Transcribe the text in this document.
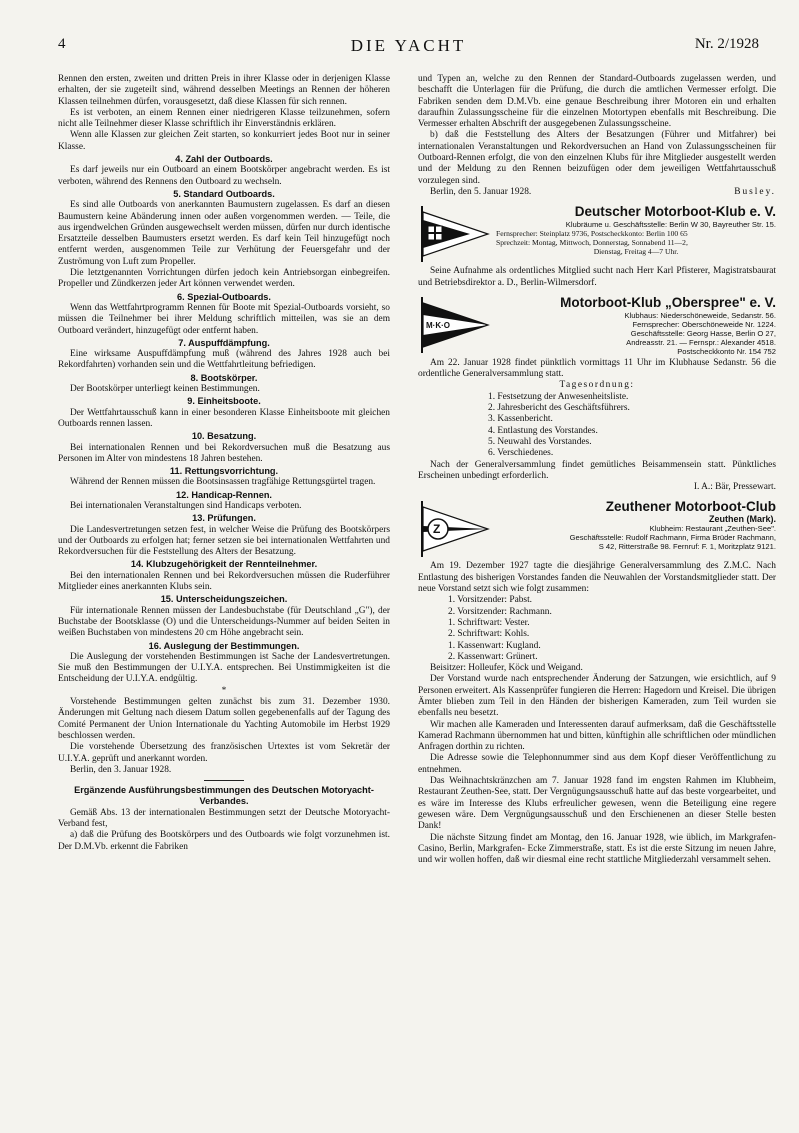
4	DIE YACHT	Nr. 2/1928

Rennen den ersten, zweiten und dritten Preis in ihrer Klasse oder in derjenigen Klasse erhalten, der sie zugeteilt sind, während desselben Meetings an Rennen der höheren Klassen teilnehmen dürfen, vorausgesetzt, daß diese Klassen für sich rennen.

Es ist verboten, an einem Rennen einer niedrigeren Klasse teilzunehmen, sofern nicht alle Teilnehmer dieser Klasse schriftlich ihr Einverständnis erklären.

Wenn alle Klassen zur gleichen Zeit starten, so konkurriert jedes Boot nur in seiner Klasse.

4. Zahl der Outboards.

Es darf jeweils nur ein Outboard an einem Bootskörper angebracht werden. Es ist verboten, während des Rennens den Outboard zu wechseln.

5. Standard Outboards.

Es sind alle Outboards von anerkannten Baumustern zugelassen. Es darf an diesen Baumustern keine Abänderung innen oder außen vorgenommen werden. — Teile, die aus irgendwelchen Gründen ausgewechselt werden müssen, dürfen nur durch identische Ersatzteile desselben Baumusters ersetzt werden. Es darf kein Teil hinzugefügt noch entfernt werden, ausgenommen Teile zur Verhütung der Feuersgefahr und der Zuströmung von Luft zum Propeller.

Die letztgenannten Vorrichtungen dürfen jedoch kein Antriebsorgan einbegreifen. Propeller und Zündkerzen jeder Art können verwendet werden.

6. Spezial-Outboards.

Wenn das Wettfahrtprogramm Rennen für Boote mit Spezial-Outboards vorsieht, so müssen die Teilnehmer bei ihrer Meldung schriftlich mitteilen, was sie an dem Outboard verändert, hinzugefügt oder entfernt haben.

7. Auspuffdämpfung.

Eine wirksame Auspuffdämpfung muß (während des Jahres 1928 auch bei Rekordfahrten) vorhanden sein und die Wettfahrtleitung befriedigen.

8. Bootskörper.

Der Bootskörper unterliegt keinen Bestimmungen.

9. Einheitsboote.

Der Wettfahrtausschuß kann in einer besonderen Klasse Einheitsboote mit gleichen Outboards rennen lassen.

10. Besatzung.

Bei internationalen Rennen und bei Rekordversuchen muß die Besatzung aus Personen im Alter von mindestens 18 Jahren bestehen.

11. Rettungsvorrichtung.

Während der Rennen müssen die Bootsinsassen tragfähige Rettungsgürtel tragen.

12. Handicap-Rennen.

Bei internationalen Veranstaltungen sind Handicaps verboten.

13. Prüfungen.

Die Landesvertretungen setzen fest, in welcher Weise die Prüfung des Bootskörpers und der Outboards zu erfolgen hat; ferner setzen sie bei internationalen Wettfahrten und Rekordversuchen für die Feststellung des Alters der Besatzung.

14. Klubzugehörigkeit der Rennteilnehmer.

Bei den internationalen Rennen und bei Rekordversuchen müssen die Ruderführer Mitglieder eines anerkannten Klubs sein.

15. Unterscheidungszeichen.

Für internationale Rennen müssen der Landesbuchstabe (für Deutschland „G"), der Buchstabe der Bootsklasse (O) und die Unterscheidungs-Nummer auf beiden Seiten in weißen Buchstaben von mindestens 20 cm Höhe angebracht sein.

16. Auslegung der Bestimmungen.

Die Auslegung der vorstehenden Bestimmungen ist Sache der Landesvertretungen. Sie muß den Bestimmungen der U.I.Y.A. entsprechen. Bei Unstimmigkeiten ist die Entscheidung der U.I.Y.A. endgültig.

*

Vorstehende Bestimmungen gelten zunächst bis zum 31. Dezember 1930. Änderungen mit Geltung nach diesem Datum sollen gegebenenfalls auf der Tagung des Comité Permanent der Union Internationale du Yachting Automobile im Herbst 1929 beschlossen werden.

Die vorstehende Übersetzung des französischen Urtextes ist vom Sekretär der U.I.Y.A. geprüft und anerkannt worden.

Berlin, den 3. Januar 1928.

Ergänzende Ausführungsbestimmungen des Deutschen Motoryacht-Verbandes.

Gemäß Abs. 13 der internationalen Bestimmungen setzt der Deutsche Motoryacht-Verband fest,

a) daß die Prüfung des Bootskörpers und des Outboards wie folgt vorzunehmen ist. Der D.M.Vb. erkennt die Fabriken

und Typen an, welche zu den Rennen der Standard-Outboards zugelassen werden, und beschafft die Unterlagen für die Prüfung, die durch die amtlichen Vermesser erfolgt. Die Fabriken senden dem D.M.Vb. eine genaue Beschreibung ihrer Motoren ein und erhalten daraufhin Zulassungsscheine für die einzelnen Motortypen ebenfalls mit Beschreibung. Die Vermesser erhalten Abschrift der ausgegebenen Zulassungsscheine.

b) daß die Feststellung des Alters der Besatzungen (Führer und Mitfahrer) bei internationalen Veranstaltungen und Rekordversuchen an Hand von Zulassungsscheinen für Outboard-Rennen erfolgt, die von den einzelnen Klubs für ihre Mitglieder ausgestellt werden und der Meldung zu den Rennen beizufügen oder dem jeweiligen Wettfahrtausschuß vorzulegen sind.

Berlin, den 5. Januar 1928.	Busley.

Deutscher Motorboot-Klub e. V.
Klubräume u. Geschäftsstelle: Berlin W 30, Bayreuther Str. 15.
Fernsprecher: Steinplatz 9736, Postscheckkonto: Berlin 100 65
Sprechzeit: Montag, Mittwoch, Donnerstag, Sonnabend 11—2,
Dienstag, Freitag 4—7 Uhr.

Seine Aufnahme als ordentliches Mitglied sucht nach Herr Karl Pfisterer, Magistratsbaurat und Betriebsdirektor a. D., Berlin-Wilmersdorf.

M·K·O
Motorboot-Klub „Oberspree" e. V.
Klubhaus: Niederschöneweide, Sedanstr. 56.
Fernsprecher: Oberschöneweide Nr. 1224.
Geschäftsstelle: Georg Hasse, Berlin O 27,
Andreasstr. 21. — Fernspr.: Alexander 4518.
Postscheckkonto Nr. 154 752

Am 22. Januar 1928 findet pünktlich vormittags 11 Uhr im Klubhause Sedanstr. 56 die ordentliche Generalversammlung statt.

Tagesordnung:
1. Festsetzung der Anwesenheitsliste.
2. Jahresbericht des Geschäftsführers.
3. Kassenbericht.
4. Entlastung des Vorstandes.
5. Neuwahl des Vorstandes.
6. Verschiedenes.

Nach der Generalversammlung findet gemütliches Beisammensein statt. Pünktliches Erscheinen unbedingt erforderlich.

I. A.: Bär, Pressewart.

Z
Zeuthener Motorboot-Club
Zeuthen (Mark).
Klubheim: Restaurant „Zeuthen-See".
Geschäftsstelle: Rudolf Rachmann, Firma Brüder Rachmann,
S 42, Ritterstraße 98. Fernruf: F. 1, Moritzplatz 9121.

Am 19. Dezember 1927 tagte die diesjährige Generalversammlung des Z.M.C. Nach Entlastung des bisherigen Vorstandes fanden die Neuwahlen der Vorstandsmitglieder statt. Der neue Vorstand setzt sich wie folgt zusammen:

1. Vorsitzender: Pabst.
2. Vorsitzender: Rachmann.
1. Schriftwart: Vester.
2. Schriftwart: Kohls.
1. Kassenwart: Kugland.
2. Kassenwart: Grünert.

Beisitzer: Holleufer, Köck und Weigand.

Der Vorstand wurde nach entsprechender Änderung der Satzungen, wie ersichtlich, auf 9 Personen erweitert. Als Kassenprüfer fungieren die Herren: Hagedorn und Kreisel. Die übrigen Ämter blieben zum Teil in den Händen der bisherigen Kameraden, zum Teil wurden sie ebenfalls neu besetzt.

Wir machen alle Kameraden und Interessenten darauf aufmerksam, daß die Geschäftsstelle Kamerad Rachmann übernommen hat und bitten, künftighin alle schriftlichen oder mündlichen Anfragen dorthin zu richten.

Die Adresse sowie die Telephonnummer sind aus dem Kopf dieser Veröffentlichung zu entnehmen.

Das Weihnachtskränzchen am 7. Januar 1928 fand im engsten Rahmen im Klubheim, Restaurant Zeuthen-See, statt. Der Vergnügungsausschuß hatte auf das beste vorgearbeitet, und es wäre im Interesse des Klubs erfreulicher gewesen, wenn die Beteiligung eine regere gewesen wäre. Dem Vergnügungsausschuß und den Erschienenen an dieser Stelle besten Dank!

Die nächste Sitzung findet am Montag, den 16. Januar 1928, wie üblich, im Markgrafen-Casino, Berlin, Markgrafen- Ecke Zimmerstraße, statt. Es ist die erste Sitzung im neuen Jahre, und wir wollen hoffen, daß wir diesmal eine recht stattliche Mitgliederzahl versammelt sehen.
